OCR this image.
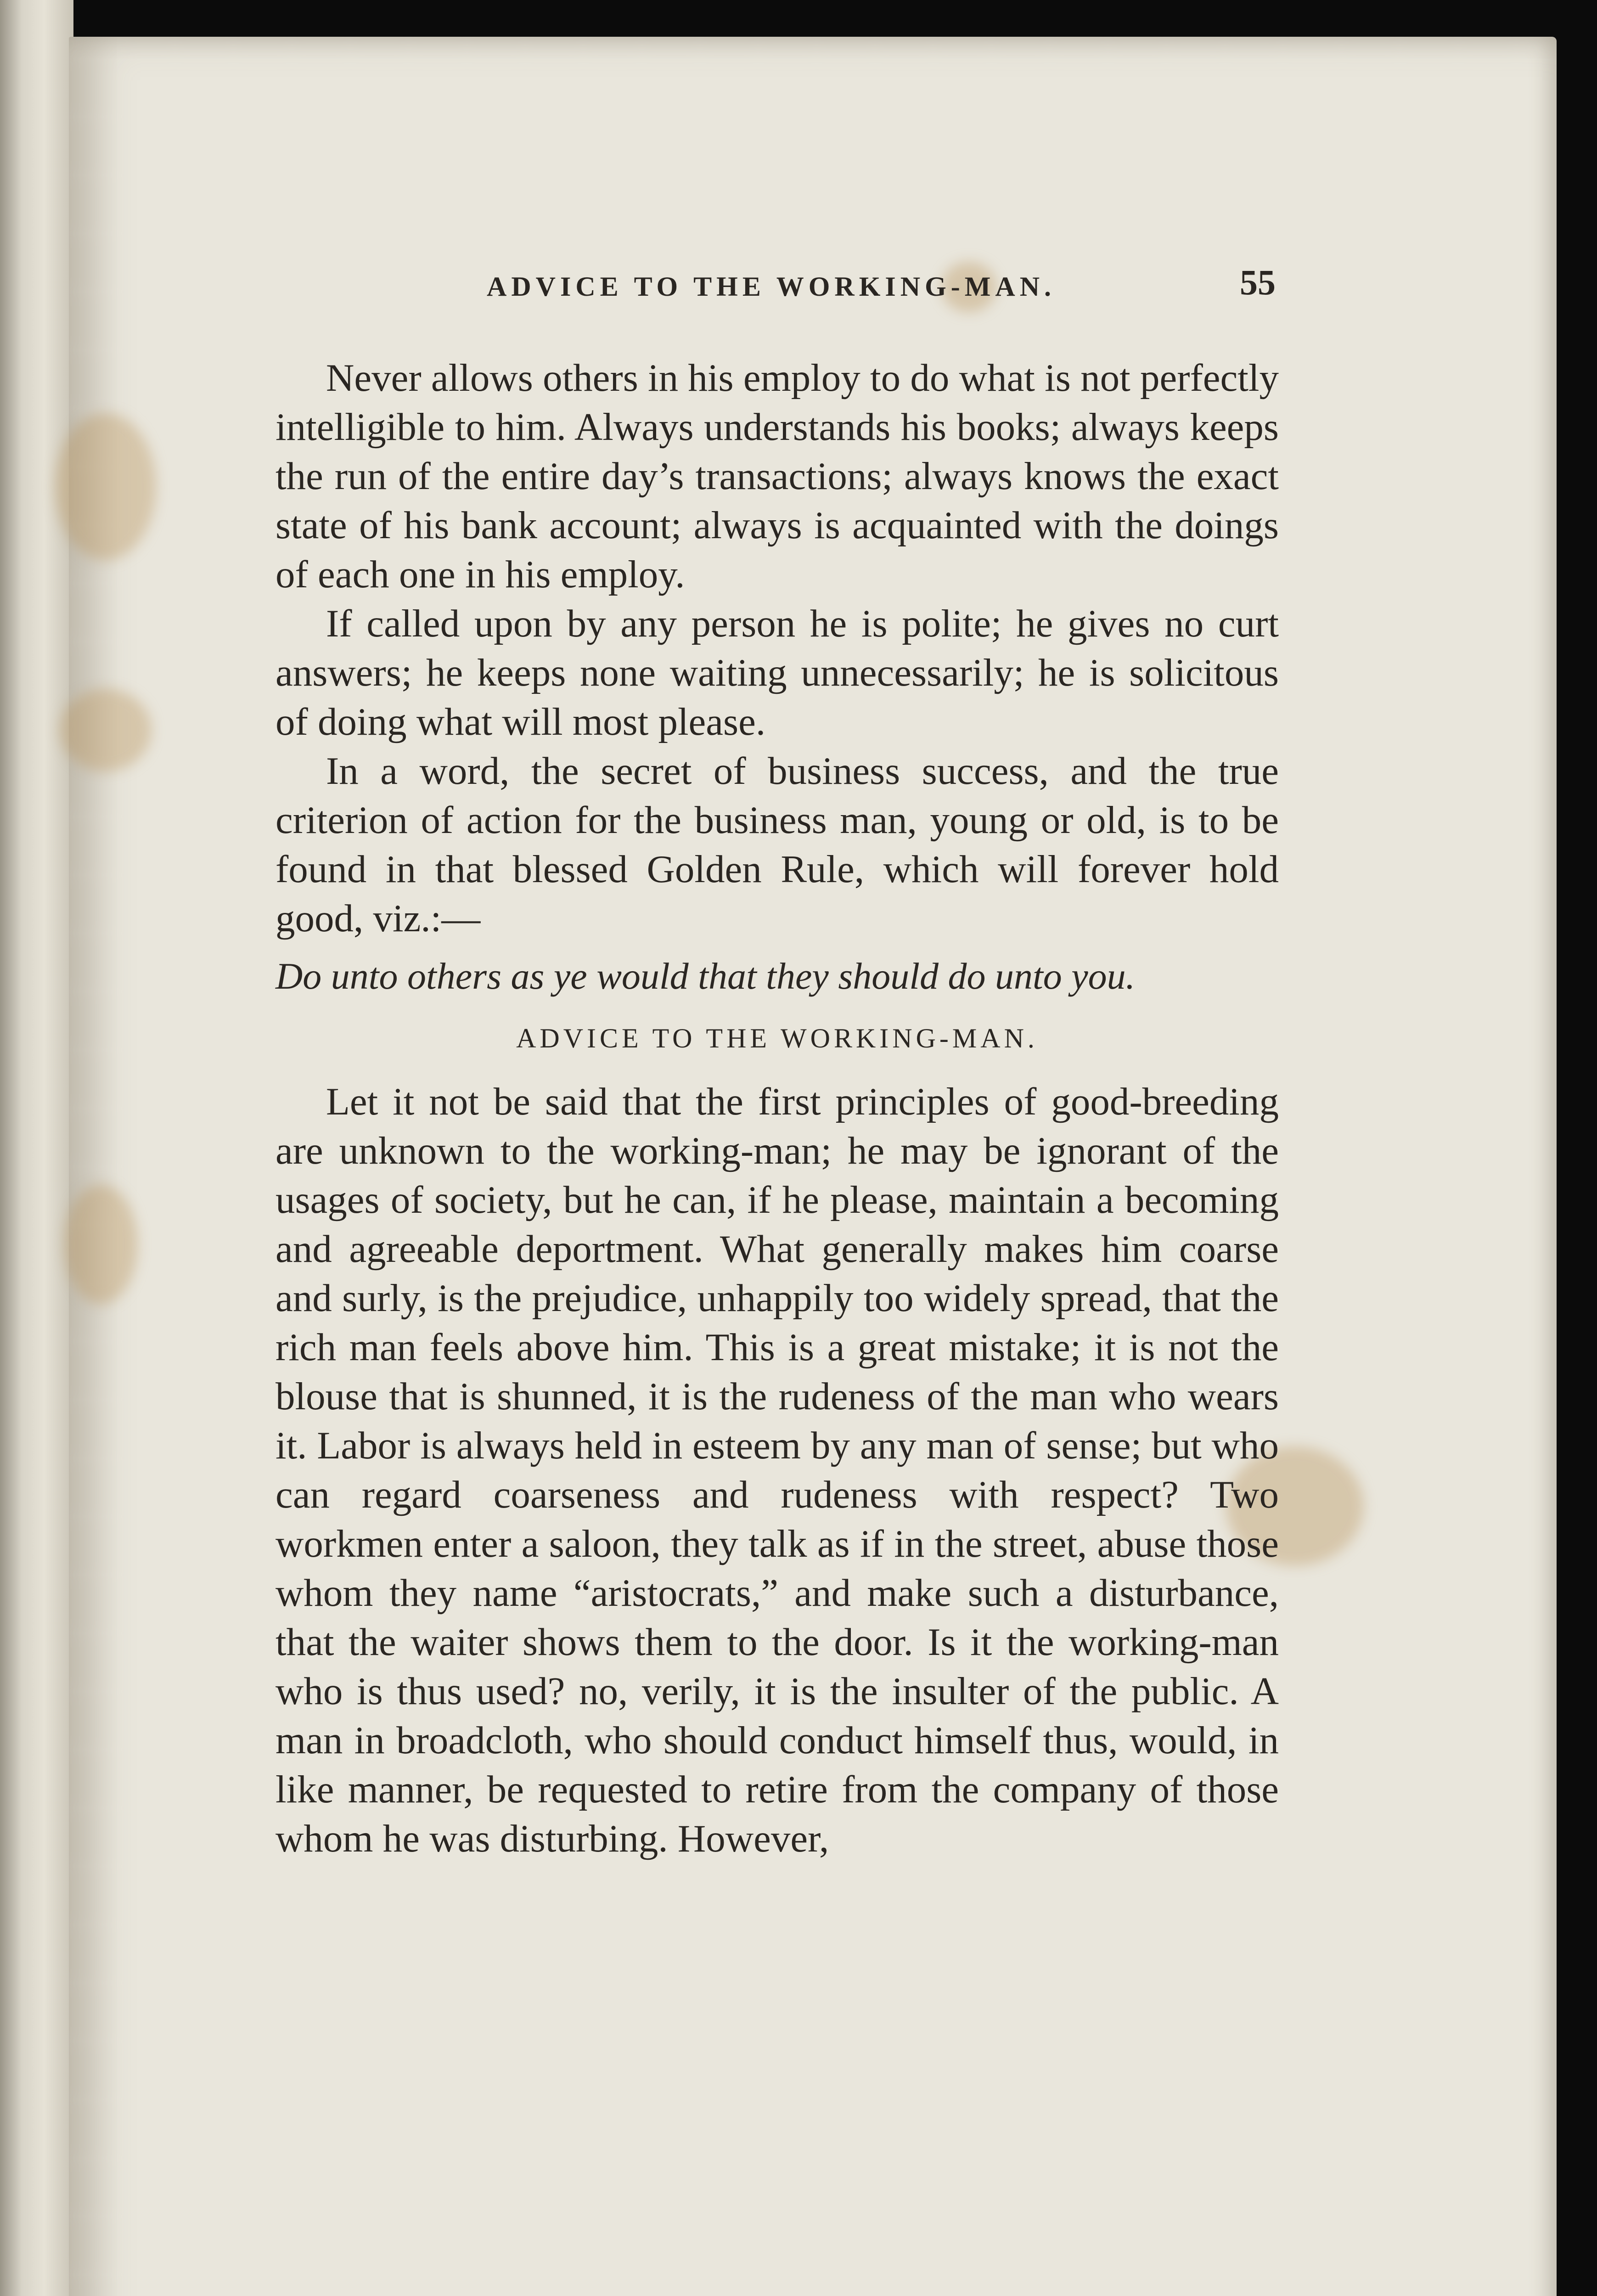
ADVICE TO THE WORKING-MAN.	55

Never allows others in his employ to do what is not perfectly intelligible to him. Always understands his books; always keeps the run of the entire day’s transactions; always knows the exact state of his bank account; always is acquainted with the doings of each one in his employ.

If called upon by any person he is polite; he gives no curt answers; he keeps none waiting unnecessarily; he is solicitous of doing what will most please.

In a word, the secret of business success, and the true criterion of action for the business man, young or old, is to be found in that blessed Golden Rule, which will forever hold good, viz.:—

Do unto others as ye would that they should do unto you.

ADVICE TO THE WORKING-MAN.

Let it not be said that the first principles of good-breeding are unknown to the working-man; he may be ignorant of the usages of society, but he can, if he please, maintain a becoming and agreeable deportment. What generally makes him coarse and surly, is the prejudice, unhappily too widely spread, that the rich man feels above him. This is a great mistake; it is not the blouse that is shunned, it is the rudeness of the man who wears it. Labor is always held in esteem by any man of sense; but who can regard coarseness and rudeness with respect? Two workmen enter a saloon, they talk as if in the street, abuse those whom they name “aristocrats,” and make such a disturbance, that the waiter shows them to the door. Is it the working-man who is thus used? no, verily, it is the insulter of the public. A man in broadcloth, who should conduct himself thus, would, in like manner, be requested to retire from the company of those whom he was disturbing. However,
